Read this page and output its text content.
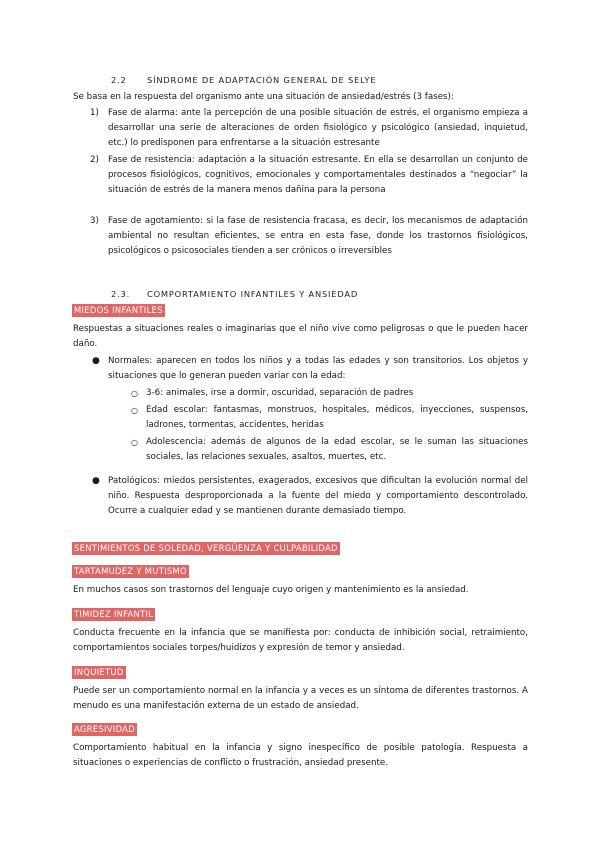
2.2 SÍNDROME DE ADAPTACIÓN GENERAL DE SELYE

Se basa en la respuesta del organismo ante una situación de ansiedad/estrés (3 fases):

1) Fase de alarma: ante la percepción de una posible situación de estrés, el organismo empieza a desarrollar una serie de alteraciones de orden fisiológico y psicológico (ansiedad, inquietud, etc.) lo predisponen para enfrentarse a la situación estresante
2) Fase de resistencia: adaptación a la situación estresante. En ella se desarrollan un conjunto de procesos fisiológicos, cognitivos, emocionales y comportamentales destinados a “negociar” la situación de estrés de la manera menos dañina para la persona
3) Fase de agotamiento: si la fase de resistencia fracasa, es decir, los mecanismos de adaptación ambiental no resultan eficientes, se entra en esta fase, donde los trastornos fisiológicos, psicológicos o psicosociales tienden a ser crónicos o irreversibles
2.3. COMPORTAMIENTO INFANTILES Y ANSIEDAD
MIEDOS INFANTILES

Respuestas a situaciones reales o imaginarias que el niño vive como peligrosas o que le pueden hacer daño.

● Normales: aparecen en todos los niños y a todas las edades y son transitorios. Los objetos y situaciones que lo generan pueden variar con la edad:
○ 3-6: animales, irse a dormir, oscuridad, separación de padres
○ Edad escolar: fantasmas, monstruos, hospitales, médicos, inyecciones, suspensos, ladrones, tormentas, accidentes, heridas
○ Adolescencia: además de algunos de la edad escolar, se le suman las situaciones sociales, las relaciones sexuales, asaltos, muertes, etc.
● Patológicos: miedos persistentes, exagerados, excesivos que dificultan la evolución normal del niño. Respuesta desproporcionada a la fuente del miedo y comportamiento descontrolado. Ocurre a cualquier edad y se mantienen durante demasiado tiempo.
SENTIMIENTOS DE SOLEDAD, VERGÜENZA Y CULPABILIDAD
TARTAMUDEZ Y MUTISMO

En muchos casos son trastornos del lenguaje cuyo origen y mantenimiento es la ansiedad.

TIMIDEZ INFANTIL

Conducta frecuente en la infancia que se manifiesta por: conducta de inhibición social, retraimiento, comportamientos sociales torpes/huidizos y expresión de temor y ansiedad.

INQUIETUD

Puede ser un comportamiento normal en la infancia y a veces es un síntoma de diferentes trastornos. A menudo es una manifestación externa de un estado de ansiedad.

AGRESIVIDAD

Comportamiento habitual en la infancia y signo inespecífico de posible patología. Respuesta a situaciones o experiencias de conflicto o frustración, ansiedad presente.
